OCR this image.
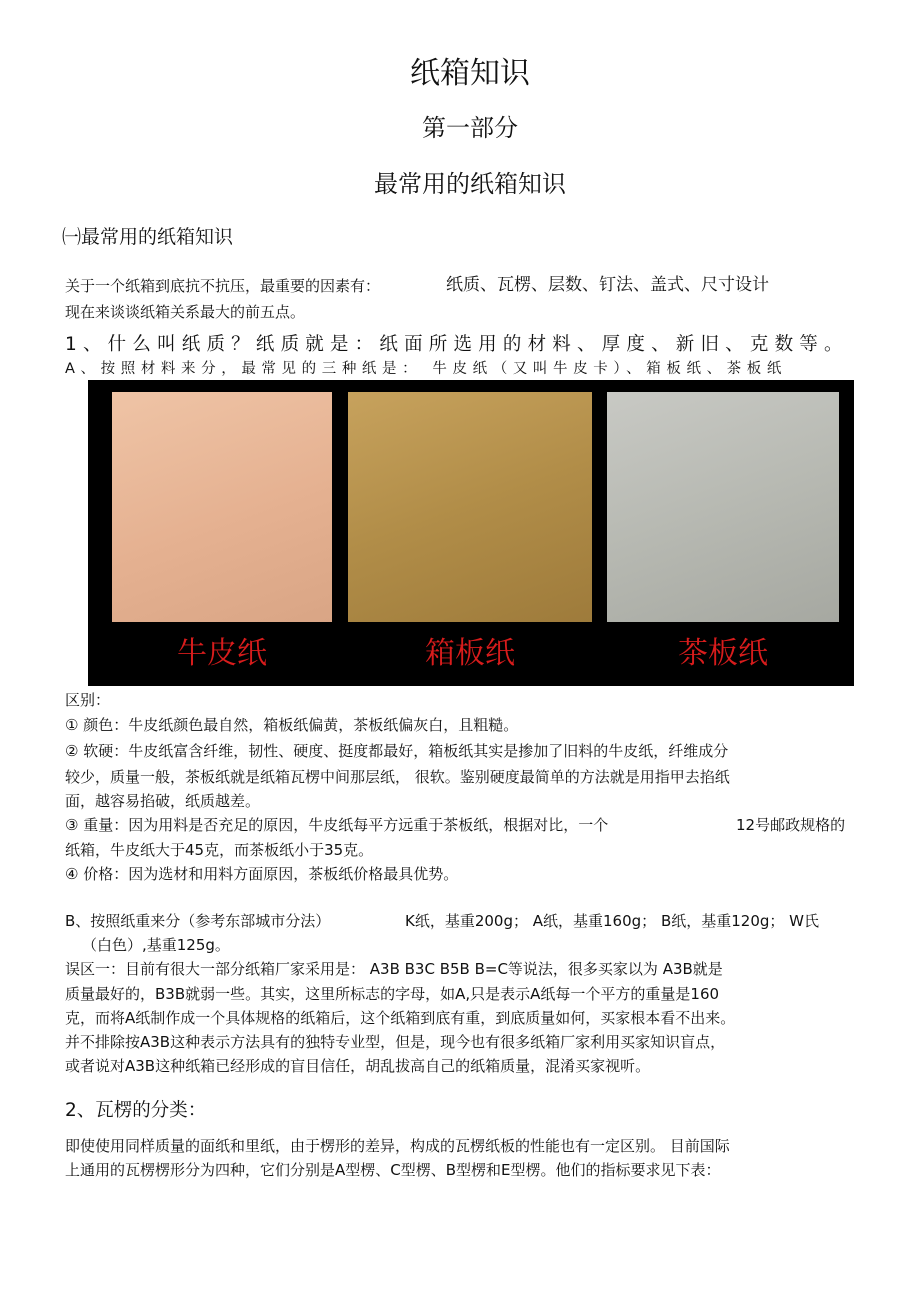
纸箱知识
第一部分
最常用的纸箱知识
㈠最常用的纸箱知识
关于一个纸箱到底抗不抗压，最重要的因素有：	纸质、瓦楞、层数、钉法、盖式、尺寸设计
现在来谈谈纸箱关系最大的前五点。
1、什么叫纸质？纸质就是：纸面所选用的材料、厚度、新旧、克数等。
A、按照材料来分，最常见的三种纸是： 牛皮纸（又叫牛皮卡）、箱板纸、茶板纸
牛皮纸	箱板纸	茶板纸
区别：
① 颜色：牛皮纸颜色最自然，箱板纸偏黄，茶板纸偏灰白，且粗糙。
② 软硬：牛皮纸富含纤维，韧性、硬度、挺度都最好，箱板纸其实是掺加了旧料的牛皮纸，纤维成分
较少，质量一般，茶板纸就是纸箱瓦楞中间那层纸， 很软。鉴别硬度最简单的方法就是用指甲去掐纸
面，越容易掐破，纸质越差。
③ 重量：因为用料是否充足的原因，牛皮纸每平方远重于茶板纸，根据对比，一个	12号邮政规格的
纸箱，牛皮纸大于45克，而茶板纸小于35克。
④ 价格：因为选材和用料方面原因，茶板纸价格最具优势。
B、按照纸重来分（参考东部城市分法）	K纸，基重200g； A纸，基重160g； B纸，基重120g； W氏
（白色）,基重125g。
误区一：目前有很大一部分纸箱厂家采用是： A3B B3C B5B B=C等说法，很多买家以为 A3B就是
质量最好的，B3B就弱一些。其实，这里所标志的字母，如A,只是表示A纸每一个平方的重量是160
克，而将A纸制作成一个具体规格的纸箱后，这个纸箱到底有重，到底质量如何，买家根本看不出来。
并不排除按A3B这种表示方法具有的独特专业型，但是，现今也有很多纸箱厂家利用买家知识盲点，
或者说对A3B这种纸箱已经形成的盲目信任，胡乱拔高自己的纸箱质量，混淆买家视听。
2、瓦楞的分类：
即使使用同样质量的面纸和里纸，由于楞形的差异，构成的瓦楞纸板的性能也有一定区别。 目前国际
上通用的瓦楞楞形分为四种，它们分别是A型楞、C型楞、B型楞和E型楞。他们的指标要求见下表：
